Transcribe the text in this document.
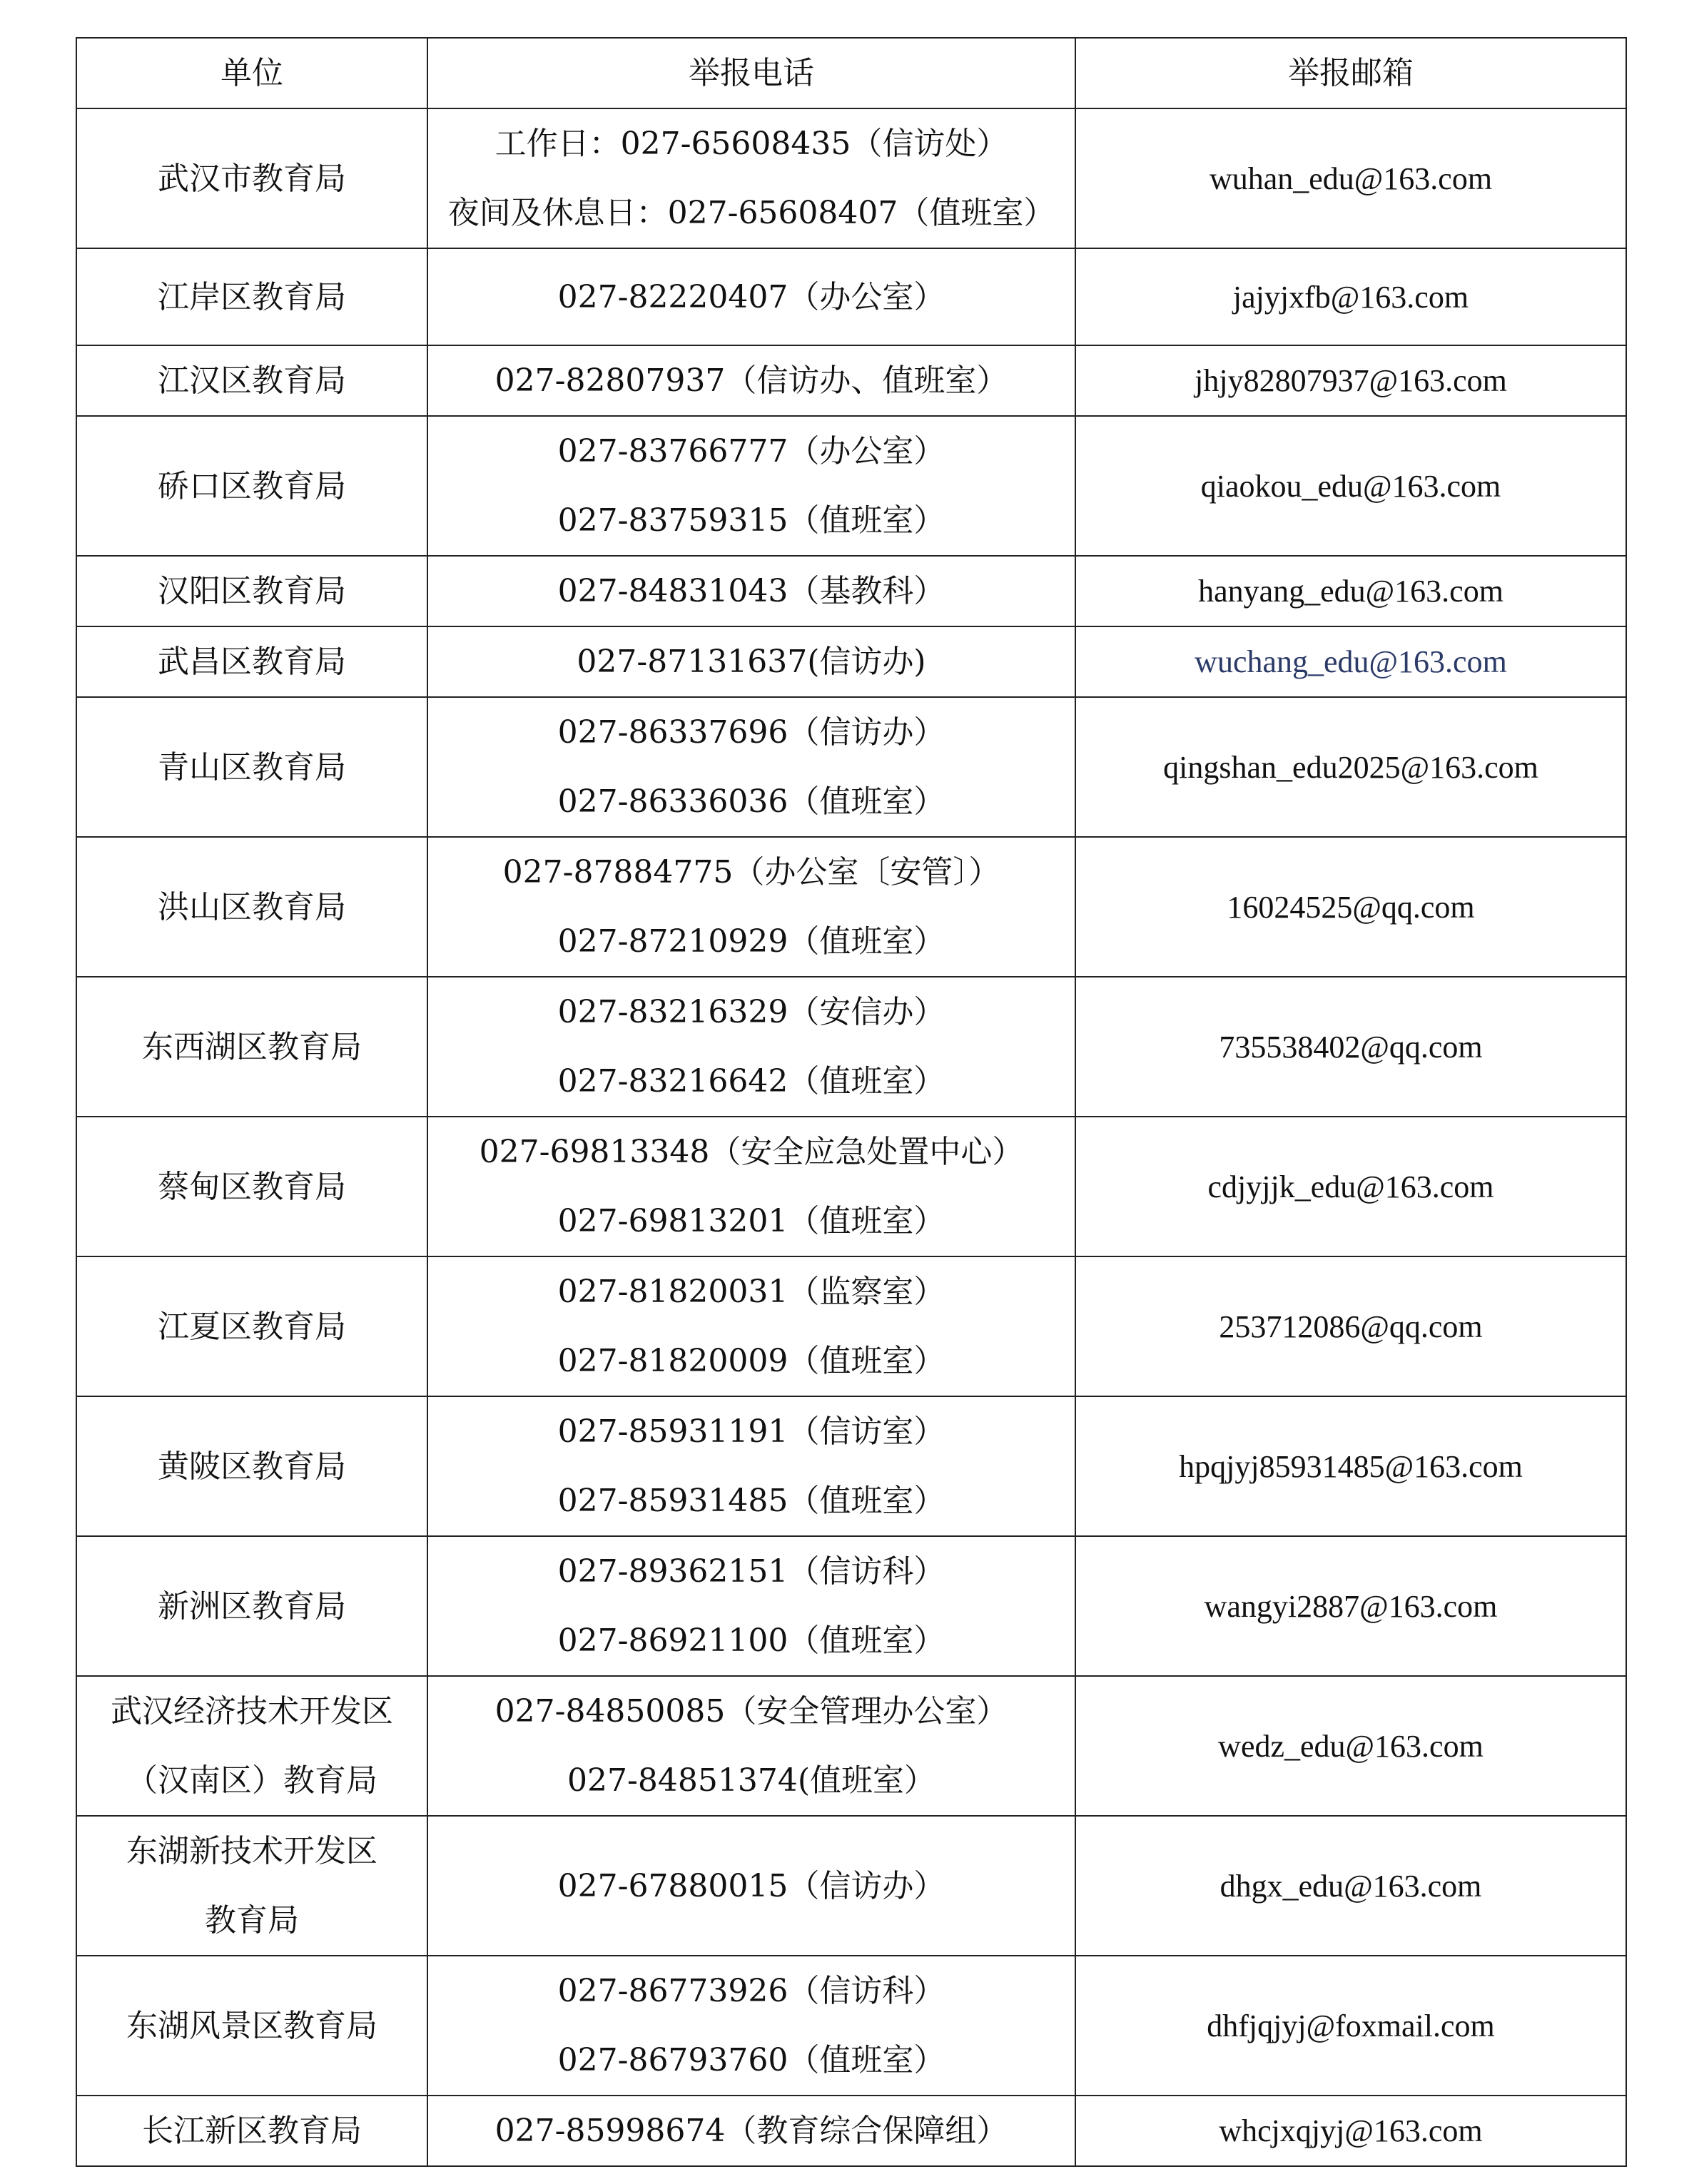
单位	举报电话	举报邮箱

武汉市教育局	工作日：027-65608435（信访处）
夜间及休息日：027-65608407（值班室）	wuhan_edu@163.com

江岸区教育局	027-82220407（办公室）	jajyjxfb@163.com

江汉区教育局	027-82807937（信访办、值班室）	jhjy82807937@163.com

硚口区教育局	027-83766777（办公室）
027-83759315（值班室）	qiaokou_edu@163.com

汉阳区教育局	027-84831043（基教科）	hanyang_edu@163.com

武昌区教育局	027-87131637(信访办)	wuchang_edu@163.com

青山区教育局	027-86337696（信访办）
027-86336036（值班室）	qingshan_edu2025@163.com

洪山区教育局	027-87884775（办公室〔安管〕）
027-87210929（值班室）	16024525@qq.com

东西湖区教育局	027-83216329（安信办）
027-83216642（值班室）	735538402@qq.com

蔡甸区教育局	027-69813348（安全应急处置中心）
027-69813201（值班室）	cdjyjjk_edu@163.com

江夏区教育局	027-81820031（监察室）
027-81820009（值班室）	253712086@qq.com

黄陂区教育局	027-85931191（信访室）
027-85931485（值班室）	hpqjyj85931485@163.com

新洲区教育局	027-89362151（信访科）
027-86921100（值班室）	wangyi2887@163.com

武汉经济技术开发区
（汉南区）教育局	027-84850085（安全管理办公室）
027-84851374(值班室）	wedz_edu@163.com

东湖新技术开发区
教育局	027-67880015（信访办）	dhgx_edu@163.com

东湖风景区教育局	027-86773926（信访科）
027-86793760（值班室）	dhfjqjyj@foxmail.com

长江新区教育局	027-85998674（教育综合保障组）	whcjxqjyj@163.com
